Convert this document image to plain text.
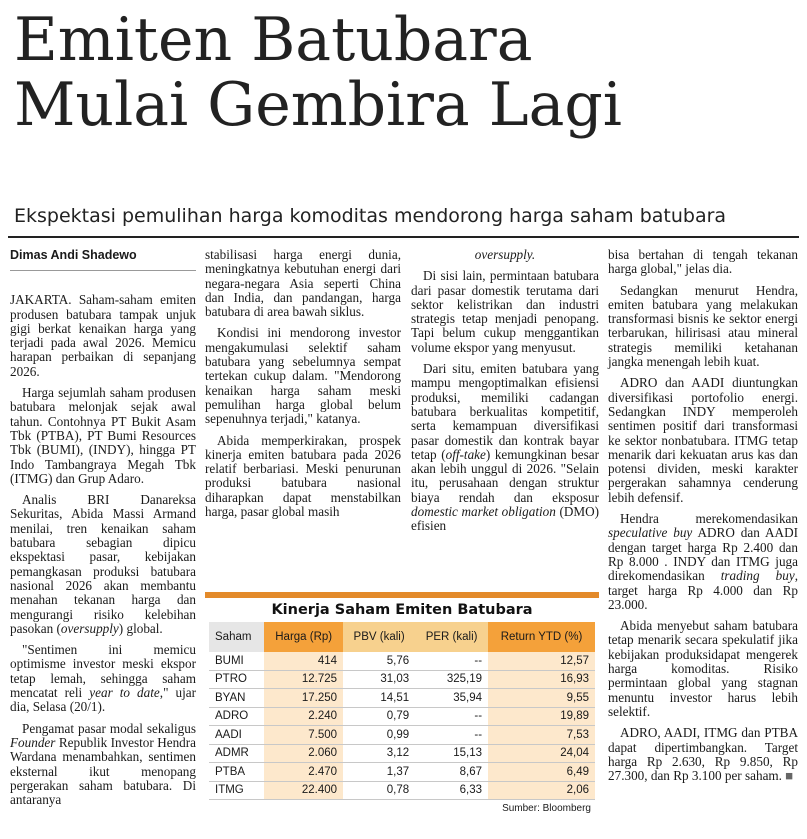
Emiten Batubara
Mulai Gembira Lagi
Ekspektasi pemulihan harga komoditas mendorong harga saham batubara
Dimas Andi Shadewo

JAKARTA. Saham-saham emiten produsen batubara tampak unjuk gigi berkat kenaikan harga yang terjadi pada awal 2026. Memicu harapan perbaikan di sepanjang 2026.

Harga sejumlah saham produsen batubara melonjak sejak awal tahun. Contohnya PT Bukit Asam Tbk (PTBA), PT Bumi Resources Tbk (BUMI), (INDY), hingga PT Indo Tambangraya Megah Tbk (ITMG) dan Grup Adaro.

Analis BRI Danareksa Sekuritas, Abida Massi Armand menilai, tren kenaikan saham batubara sebagian dipicu ekspektasi pasar, kebijakan pemangkasan produksi batubara nasional 2026 akan membantu menahan tekanan harga dan mengurangi risiko kelebihan pasokan (oversupply) global.

"Sentimen ini memicu optimisme investor meski ekspor tetap lemah, sehingga saham mencatat reli year to date," ujar dia, Selasa (20/1).

Pengamat pasar modal sekaligus Founder Republik Investor Hendra Wardana menambahkan, sentimen eksternal ikut menopang pergerakan saham batubara. Di antaranya

stabilisasi harga energi dunia, meningkatnya kebutuhan energi dari negara-negara Asia seperti China dan India, dan pandangan, harga batubara di area bawah siklus.

Kondisi ini mendorong investor mengakumulasi selektif saham batubara yang sebelumnya sempat tertekan cukup dalam. "Mendorong kenaikan harga saham meski pemulihan harga global belum sepenuhnya terjadi," katanya.

Abida memperkirakan, prospek kinerja emiten batubara pada 2026 relatif berbariasi. Meski penurunan produksi batubara nasional diharapkan dapat menstabilkan harga, pasar global masih

oversupply.

Di sisi lain, permintaan batubara dari pasar domestik terutama dari sektor kelistrikan dan industri strategis tetap menjadi penopang. Tapi belum cukup menggantikan volume ekspor yang menyusut.

Dari situ, emiten batubara yang mampu mengoptimalkan efisiensi produksi, memiliki cadangan batubara berkualitas kompetitif, serta kemampuan diversifikasi pasar domestik dan kontrak bayar tetap (off-take) kemungkinan besar akan lebih unggul di 2026. "Selain itu, perusahaan dengan struktur biaya rendah dan eksposur domestic market obligation (DMO) efisien

bisa bertahan di tengah tekanan harga global," jelas dia.

Sedangkan menurut Hendra, emiten batubara yang melakukan transformasi bisnis ke sektor energi terbarukan, hilirisasi atau mineral strategis memiliki ketahanan jangka menengah lebih kuat.

ADRO dan AADI diuntungkan diversifikasi portofolio energi. Sedangkan INDY memperoleh sentimen positif dari transformasi ke sektor nonbatubara. ITMG tetap menarik dari kekuatan arus kas dan potensi dividen, meski karakter pergerakan sahamnya cenderung lebih defensif.

Hendra merekomendasikan speculative buy ADRO dan AADI dengan target harga Rp 2.400 dan Rp 8.000 . INDY dan ITMG juga direkomendasikan trading buy, target harga Rp 4.000 dan Rp 23.000.

Abida menyebut saham batubara tetap menarik secara spekulatif jika kebijakan produksidapat mengerek harga komoditas. Risiko permintaan global yang stagnan menuntu investor harus lebih selektif.

ADRO, AADI, ITMG dan PTBA dapat dipertimbangkan. Target harga Rp 2.630, Rp 9.850, Rp 27.300, dan Rp 3.100 per saham. ■

Kinerja Saham Emiten Batubara
Saham	Harga (Rp)	PBV (kali)	PER (kali)	Return YTD (%)
BUMI	414	5,76	--	12,57
PTRO	12.725	31,03	325,19	16,93
BYAN	17.250	14,51	35,94	9,55
ADRO	2.240	0,79	--	19,89
AADI	7.500	0,99	--	7,53
ADMR	2.060	3,12	15,13	24,04
PTBA	2.470	1,37	8,67	6,49
ITMG	22.400	0,78	6,33	2,06
Sumber: Bloomberg
